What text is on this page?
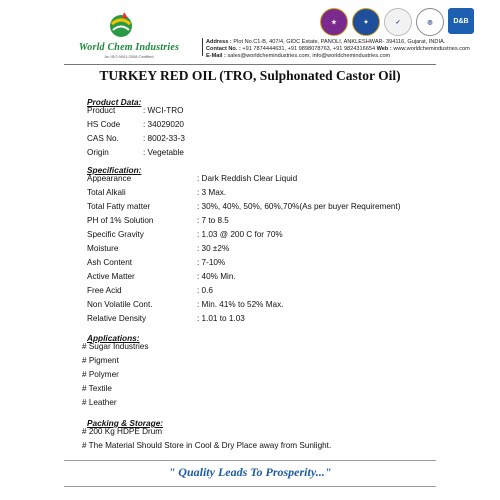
World Chem Industries
An ISO 9001:2008 Certified
★	✦	✓	◎	D&B
Address : Plot No.C1-B, 407/4, GIDC Estate, PANOLI, ANKLESHWAR- 394116, Gujarat, INDIA.
Contact No. : +91 7874444631, +91 9898078763, +91 9824316654 Web : www.worldchemindustries.com
E-Mail : sales@worldchemindustries.com, info@worldchemindustries.com
TURKEY RED OIL (TRO, Sulphonated Castor Oil)
Product Data:
Product	: WCI-TRO
HS Code	: 34029020
CAS No.	: 8002-33-3
Origin	: Vegetable
Specification:
Appearance	: Dark Reddish Clear Liquid
Total Alkali	: 3 Max.
Total Fatty matter	: 30%, 40%, 50%, 60%,70%(As per buyer Requirement)
PH of 1% Solution	: 7 to 8.5
Specific Gravity	: 1.03 @ 200 C for 70%
Moisture	: 30 ±2%
Ash Content	: 7-10%
Active Matter	: 40% Min.
Free Acid	: 0.6
Non Volatile Cont.	: Min. 41% to 52% Max.
Relative Density	: 1.01 to 1.03
Applications:
# Sugar Industries
# Pigment
# Polymer
# Textile
# Leather
Packing & Storage:
# 200 Kg HDPE Drum
# The Material Should Store in Cool & Dry Place away from Sunlight.
" Quality Leads To Prosperity..."
